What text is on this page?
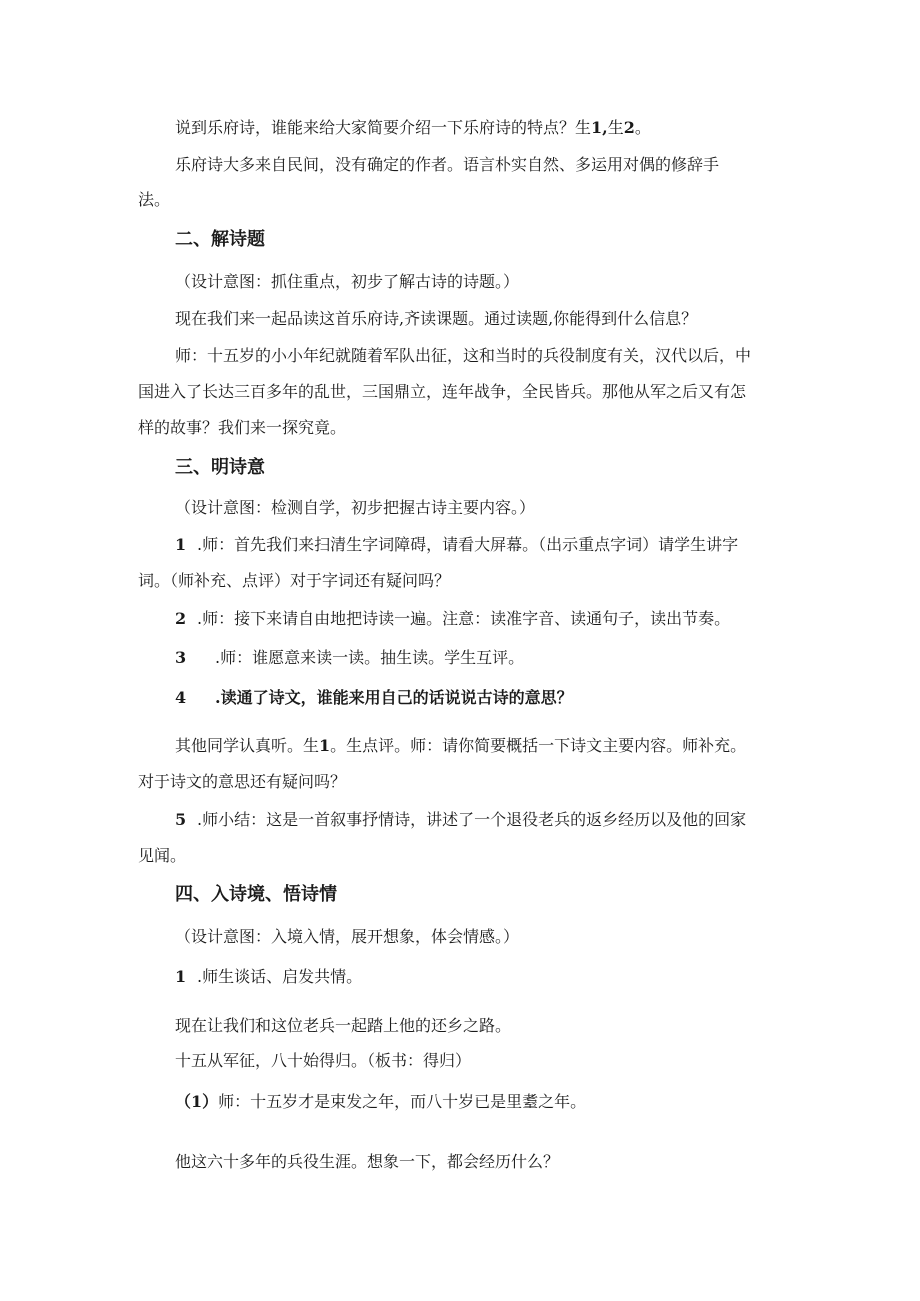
说到乐府诗，谁能来给大家简要介绍一下乐府诗的特点？生1,生2。
乐府诗大多来自民间，没有确定的作者。语言朴实自然、多运用对偶的修辞手
法。
二、解诗题
（设计意图：抓住重点，初步了解古诗的诗题。）
现在我们来一起品读这首乐府诗,齐读课题。通过读题,你能得到什么信息？
师：十五岁的小小年纪就随着军队出征，这和当时的兵役制度有关，汉代以后，中
国进入了长达三百多年的乱世，三国鼎立，连年战争，全民皆兵。那他从军之后又有怎
样的故事？我们来一探究竟。
三、明诗意
（设计意图：检测自学，初步把握古诗主要内容。）
1 .师：首先我们来扫清生字词障碍，请看大屏幕。（出示重点字词）请学生讲字
词。（师补充、点评）对于字词还有疑问吗？
2 .师：接下来请自由地把诗读一遍。注意：读准字音、读通句子，读出节奏。
3 .师：谁愿意来读一读。抽生读。学生互评。
4 .读通了诗文，谁能来用自己的话说说古诗的意思？
其他同学认真听。生1。生点评。师：请你简要概括一下诗文主要内容。师补充。
对于诗文的意思还有疑问吗？
5 .师小结：这是一首叙事抒情诗，讲述了一个退役老兵的返乡经历以及他的回家
见闻。
四、入诗境、悟诗情
（设计意图：入境入情，展开想象，体会情感。）
1 .师生谈话、启发共情。
现在让我们和这位老兵一起踏上他的还乡之路。
十五从军征，八十始得归。（板书：得归）
（1）师：十五岁才是束发之年，而八十岁已是里耋之年。
他这六十多年的兵役生涯。想象一下，都会经历什么？
